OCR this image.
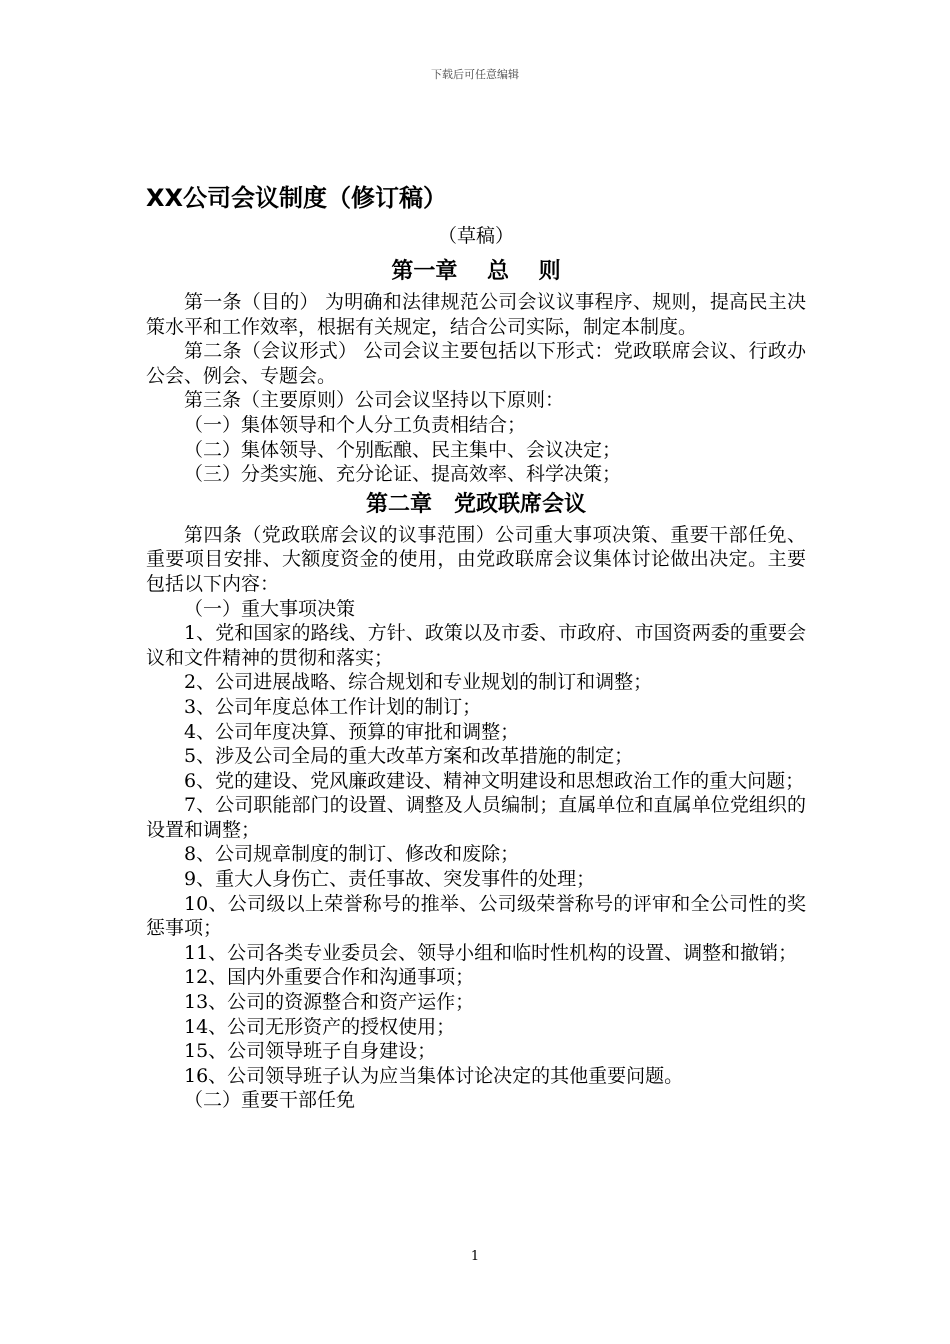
下载后可任意编辑
XX公司会议制度（修订稿）
（草稿）
第一章　 总　 则

第一条（目的） 为明确和法律规范公司会议议事程序、规则，提高民主决策水平和工作效率，根据有关规定，结合公司实际，制定本制度。

第二条（会议形式） 公司会议主要包括以下形式：党政联席会议、行政办公会、例会、专题会。

第三条（主要原则）公司会议坚持以下原则：

（一）集体领导和个人分工负责相结合；

（二）集体领导、个别酝酿、民主集中、会议决定；

（三）分类实施、充分论证、提高效率、科学决策；

第二章　党政联席会议

第四条（党政联席会议的议事范围）公司重大事项决策、重要干部任免、重要项目安排、大额度资金的使用，由党政联席会议集体讨论做出决定。主要包括以下内容：

（一）重大事项决策

1、党和国家的路线、方针、政策以及市委、市政府、市国资两委的重要会议和文件精神的贯彻和落实；

2、公司进展战略、综合规划和专业规划的制订和调整；

3、公司年度总体工作计划的制订；

4、公司年度决算、预算的审批和调整；

5、涉及公司全局的重大改革方案和改革措施的制定；

6、党的建设、党风廉政建设、精神文明建设和思想政治工作的重大问题；

7、公司职能部门的设置、调整及人员编制；直属单位和直属单位党组织的设置和调整；

8、公司规章制度的制订、修改和废除；

9、重大人身伤亡、责任事故、突发事件的处理；

10、公司级以上荣誉称号的推举、公司级荣誉称号的评审和全公司性的奖惩事项；

11、公司各类专业委员会、领导小组和临时性机构的设置、调整和撤销；

12、国内外重要合作和沟通事项；

13、公司的资源整合和资产运作；

14、公司无形资产的授权使用；

15、公司领导班子自身建设；

16、公司领导班子认为应当集体讨论决定的其他重要问题。

（二）重要干部任免

1
